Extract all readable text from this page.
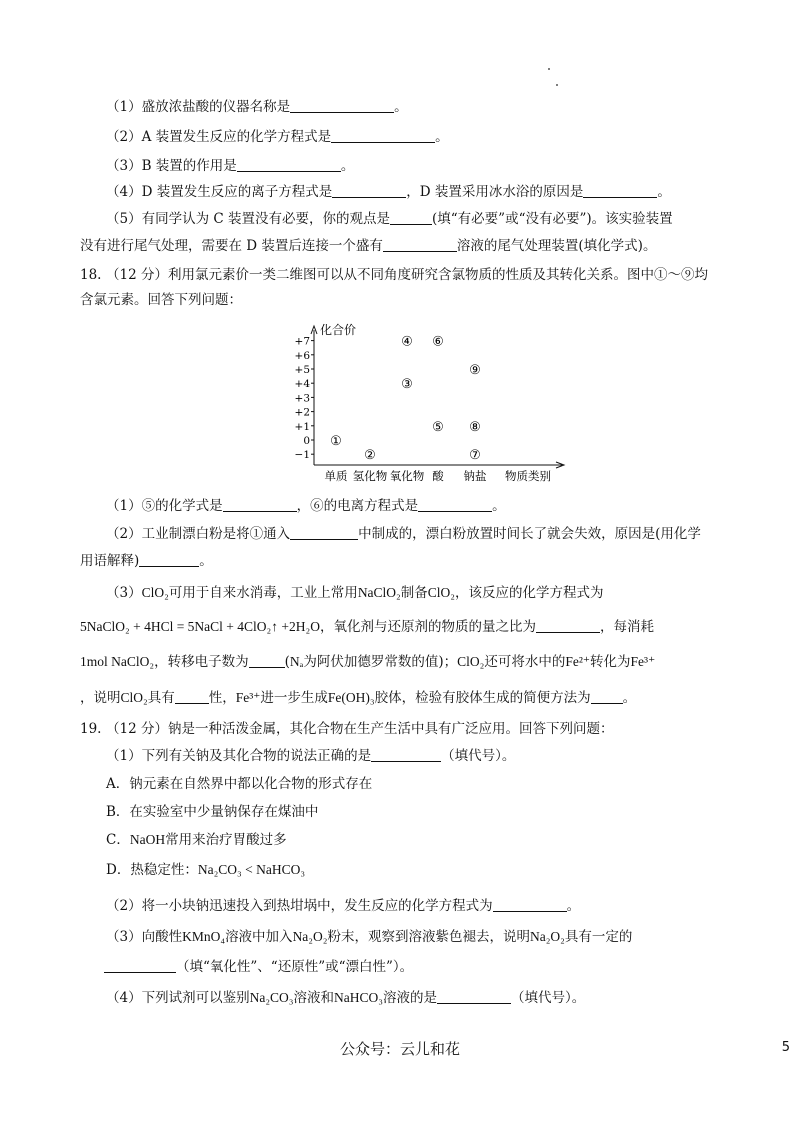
（1）盛放浓盐酸的仪器名称是	。
（2）A 装置发生反应的化学方程式是	。
（3）B 装置的作用是	。
（4）D 装置发生反应的离子方程式是	，D 装置采用冰水浴的原因是	。
（5）有同学认为 C 装置没有必要，你的观点是	(填“有必要”或“没有必要”)。该实验装置
没有进行尾气处理，需要在 D 装置后连接一个盛有	溶液的尾气处理装置(填化学式)。
18. （12 分）利用氯元素价一类二维图可以从不同角度研究含氯物质的性质及其转化关系。图中①～⑨均
含氯元素。回答下列问题：
化合价
+7
+6
+5
+4
+3
+2
+1
0
−1
单质 氢化物 氧化物 酸 钠盐 物质类别
①
②
③
④
⑤
⑥
⑦
⑧
⑨
（1）⑤的化学式是	，⑥的电离方程式是	。
（2）工业制漂白粉是将①通入	中制成的，漂白粉放置时间长了就会失效，原因是(用化学
用语解释)	。
（3）ClO₂可用于自来水消毒，工业上常用NaClO₂制备ClO₂，该反应的化学方程式为
5NaClO₂ + 4HCl = 5NaCl + 4ClO₂↑ +2H₂O，氧化剂与还原剂的物质的量之比为	，每消耗
1mol NaClO₂，转移电子数为	(Nₐ为阿伏加德罗常数的值)；ClO₂还可将水中的Fe²⁺转化为Fe³⁺
，说明ClO₂具有	性，Fe³⁺进一步生成Fe(OH)₃胶体，检验有胶体生成的简便方法为 。
19. （12 分）钠是一种活泼金属，其化合物在生产生活中具有广泛应用。回答下列问题：
（1）下列有关钠及其化合物的说法正确的是	（填代号）。
A．钠元素在自然界中都以化合物的形式存在
B．在实验室中少量钠保存在煤油中
C．NaOH常用来治疗胃酸过多
D．热稳定性：Na₂CO₃ < NaHCO₃
（2）将一小块钠迅速投入到热坩埚中，发生反应的化学方程式为	。
（3）向酸性KMnO₄溶液中加入Na₂O₂粉末，观察到溶液紫色褪去，说明Na₂O₂具有一定的
（填“氧化性”、“还原性”或“漂白性”）。
（4）下列试剂可以鉴别Na₂CO₃溶液和NaHCO₃溶液的是	（填代号）。
公众号：云儿和花	5
